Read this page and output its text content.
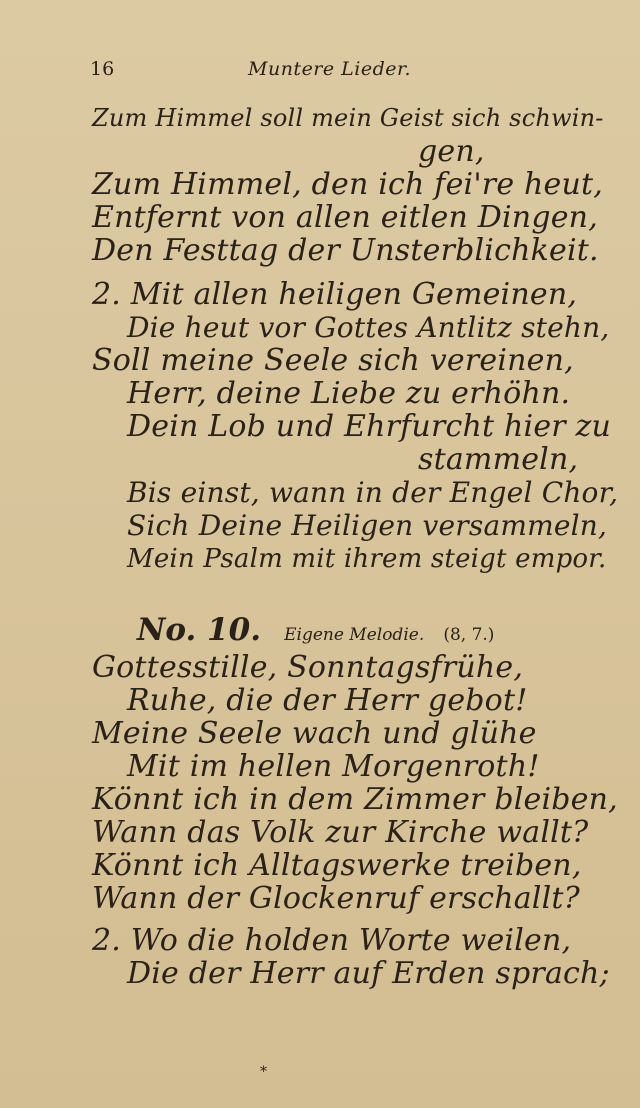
16	Muntere Lieder.
Zum Himmel soll mein Geist sich schwin-
gen,
Zum Himmel, den ich fei're heut,
Entfernt von allen eitlen Dingen,
Den Festtag der Unsterblichkeit.
2. Mit allen heiligen Gemeinen,
Die heut vor Gottes Antlitz stehn,
Soll meine Seele sich vereinen,
Herr, deine Liebe zu erhöhn.
Dein Lob und Ehrfurcht hier zu
stammeln,
Bis einst, wann in der Engel Chor,
Sich Deine Heiligen versammeln,
Mein Psalm mit ihrem steigt empor.
No. 10. Eigene Melodie. (8, 7.)
Gottesstille, Sonntagsfrühe,
Ruhe, die der Herr gebot!
Meine Seele wach und glühe
Mit im hellen Morgenroth!
Könnt ich in dem Zimmer bleiben,
Wann das Volk zur Kirche wallt?
Könnt ich Alltagswerke treiben,
Wann der Glockenruf erschallt?
2. Wo die holden Worte weilen,
Die der Herr auf Erden sprach;
*
